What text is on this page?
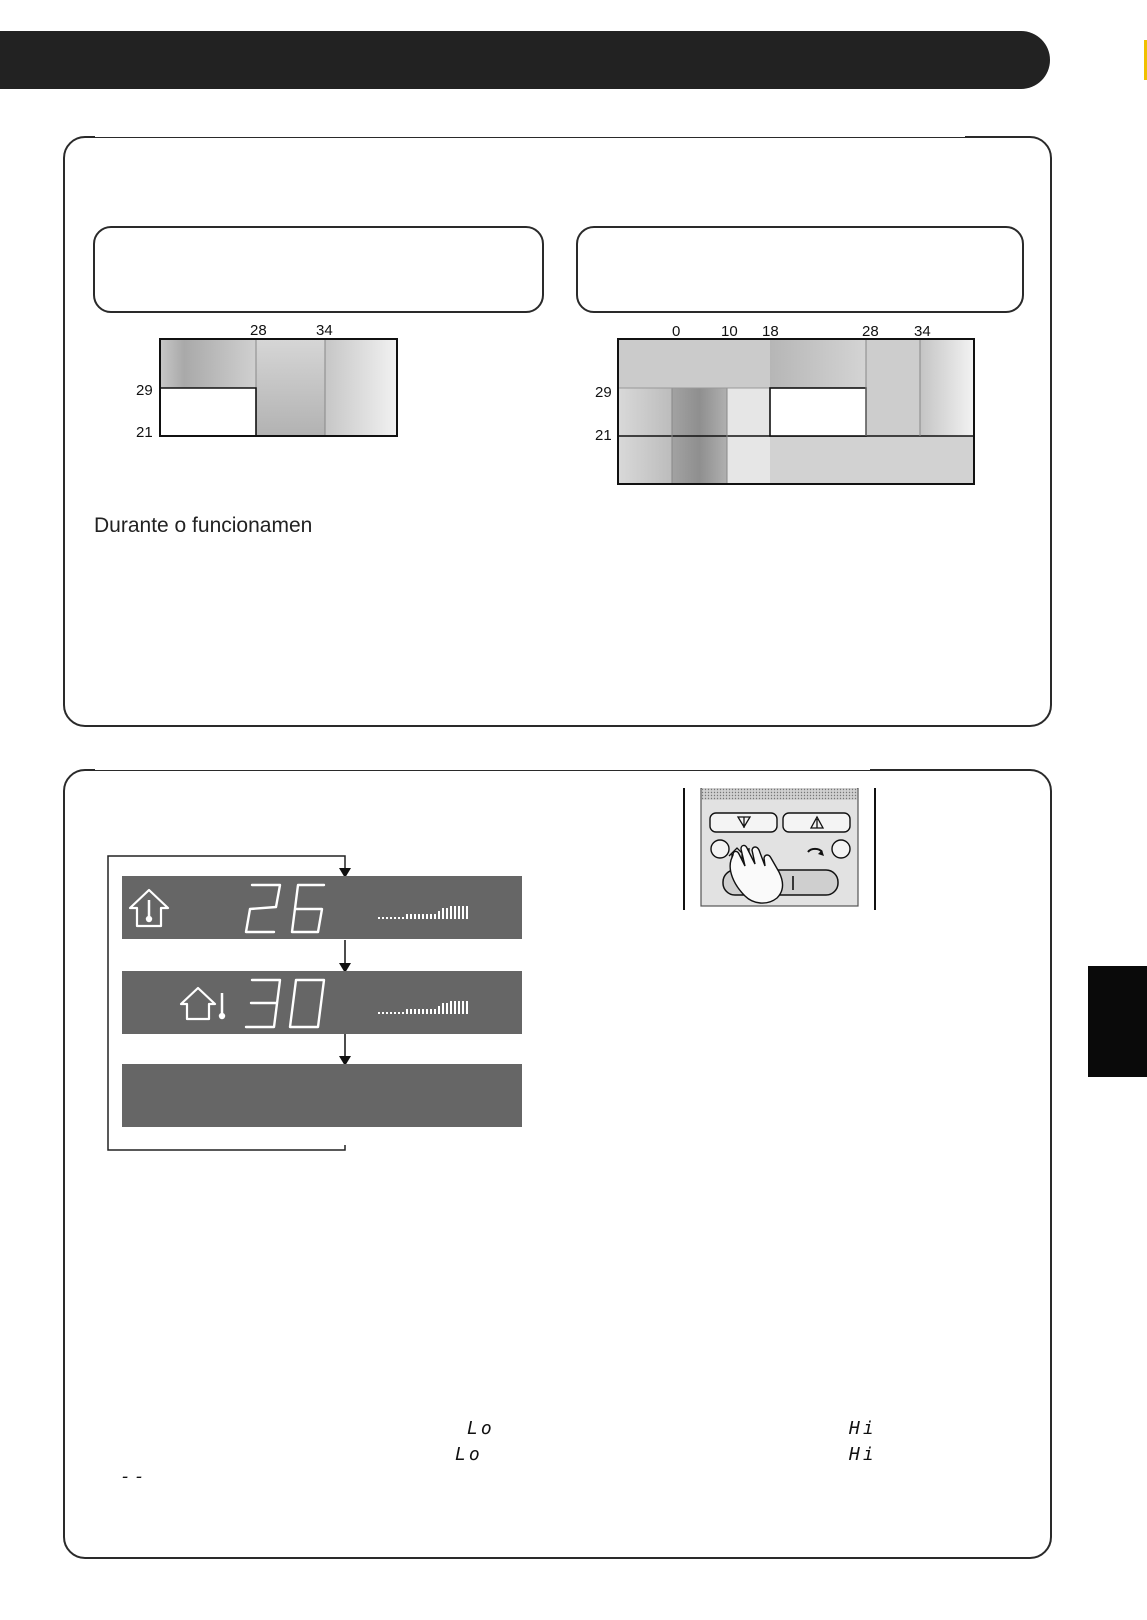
28	34
29
21
0	10 18	28 34
29
21
Durante o funcionamen
Lo	Hi
Lo	Hi
--
